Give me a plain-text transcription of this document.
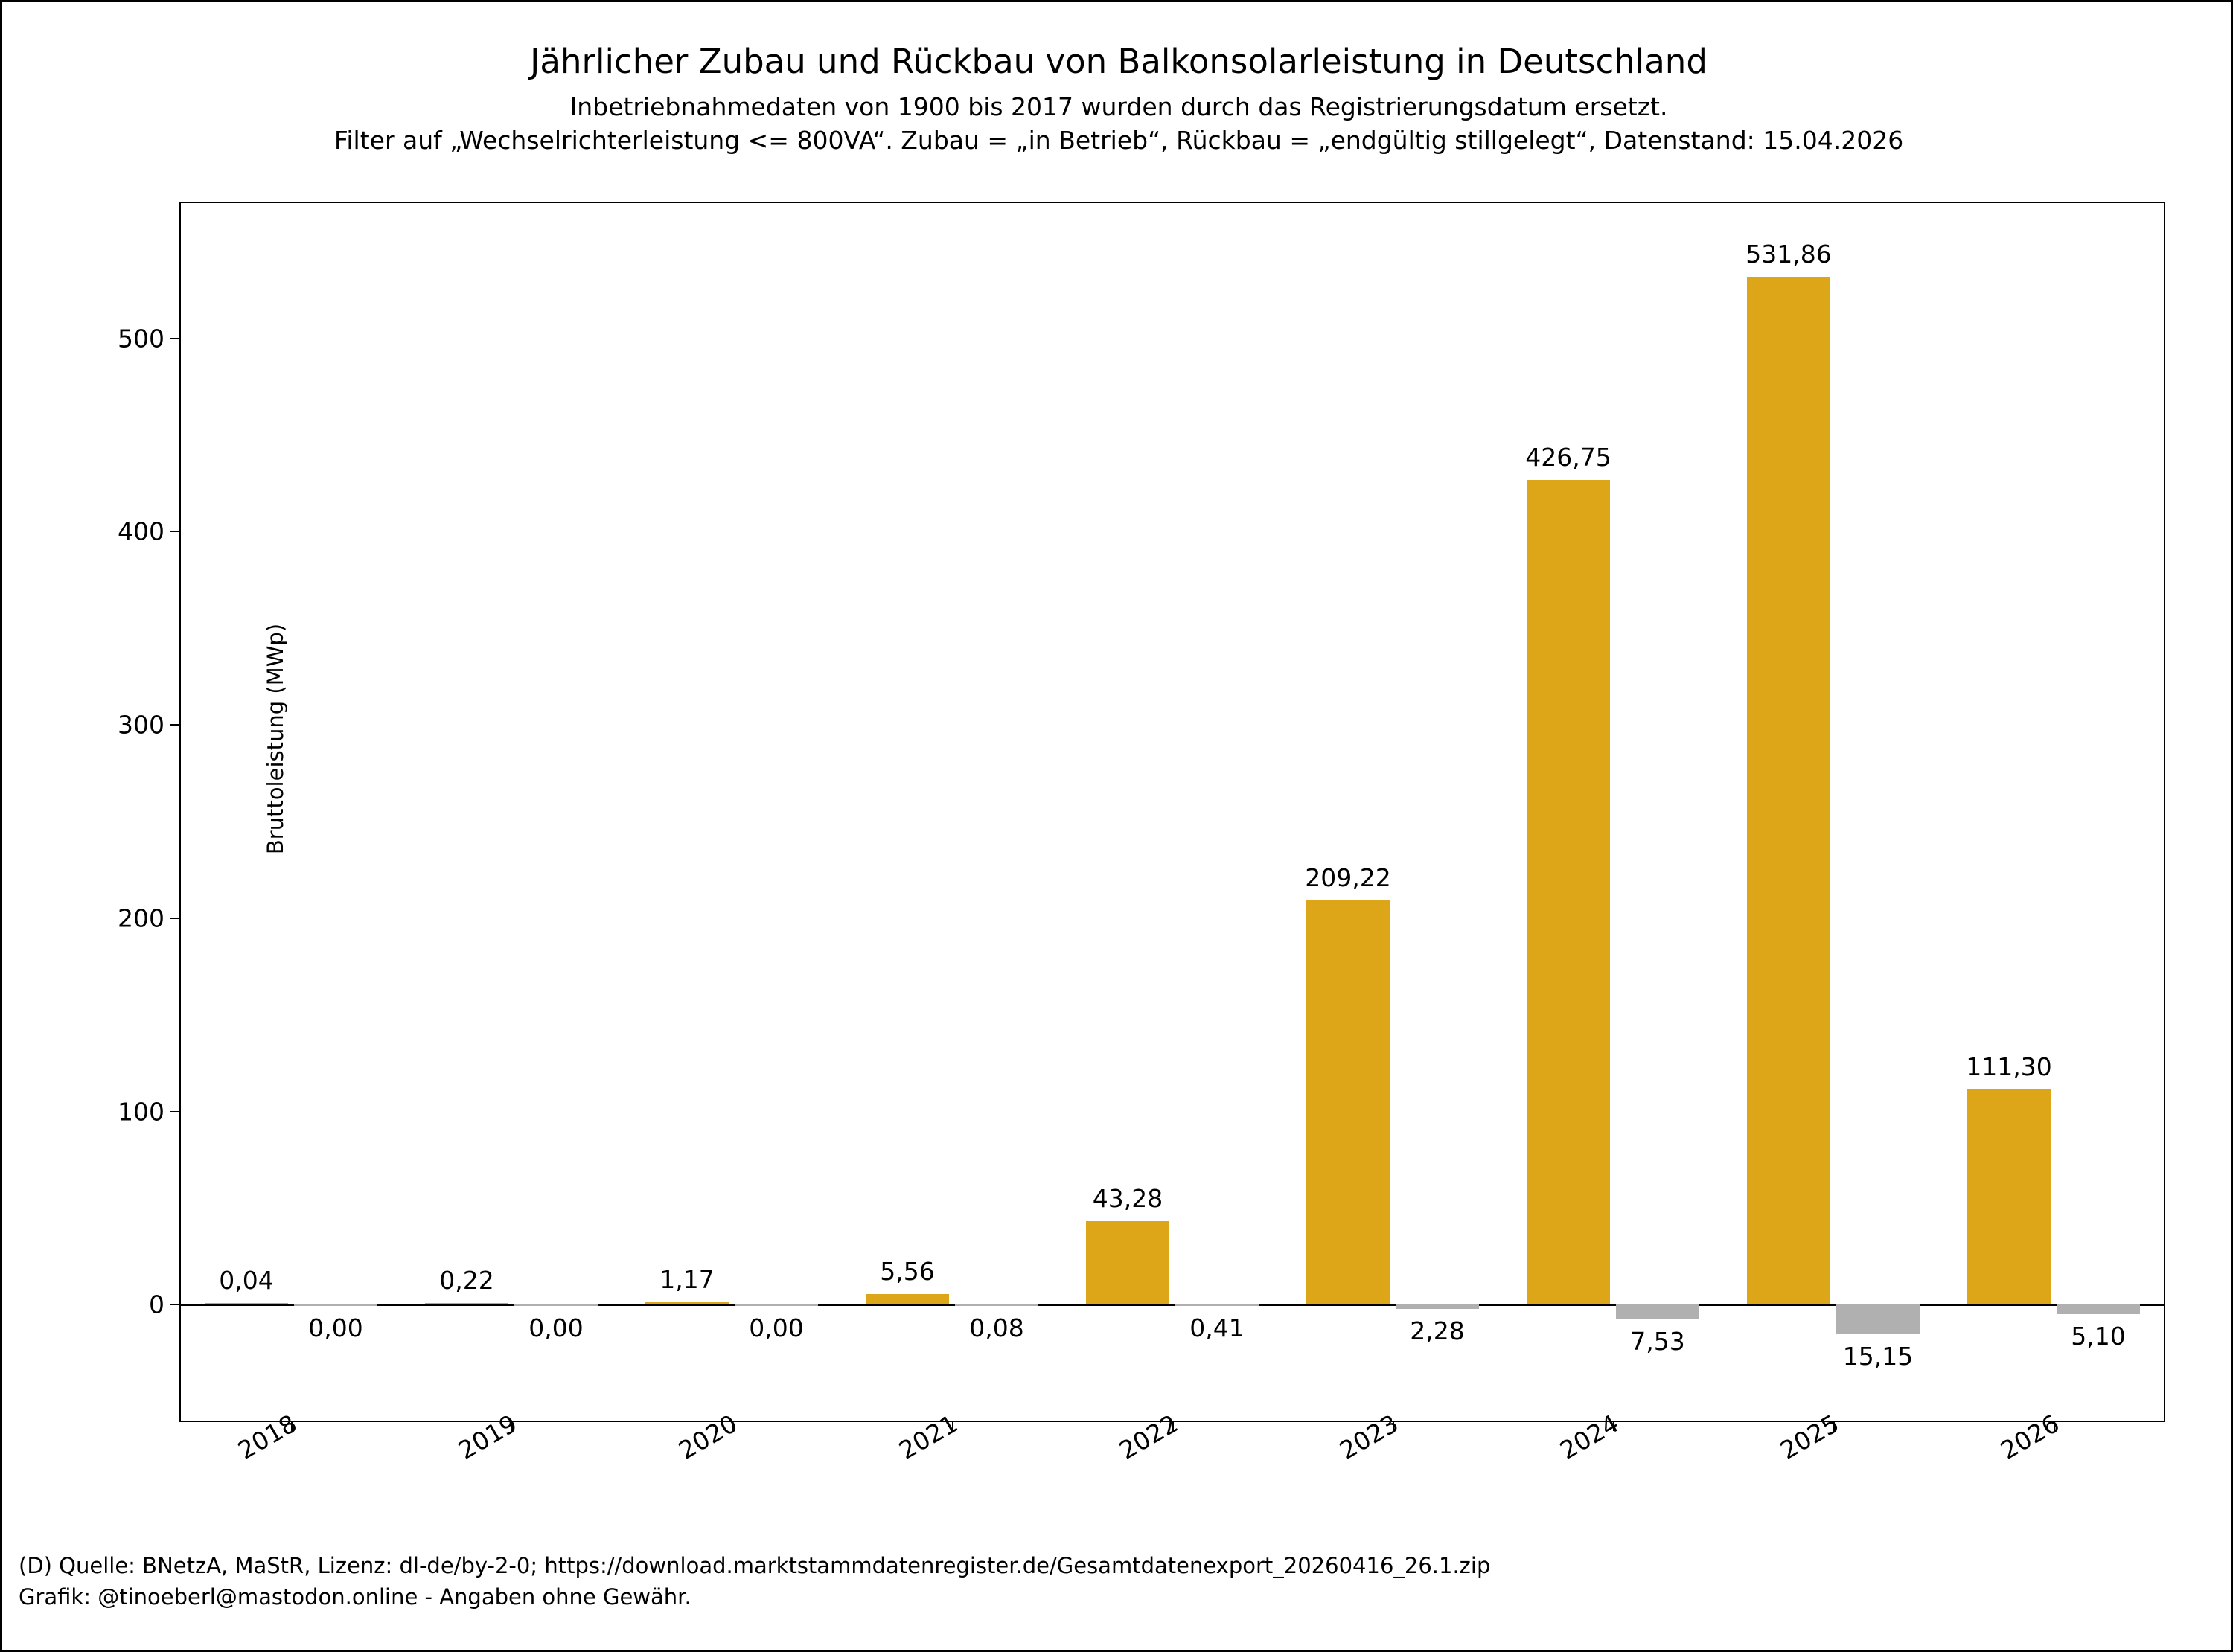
Jährlicher Zubau und Rückbau von Balkonsolarleistung in Deutschland
Inbetriebnahmedaten von 1900 bis 2017 wurden durch das Registrierungsdatum ersetzt.
Filter auf „Wechselrichterleistung <= 800VA“. Zubau = „in Betrieb“, Rückbau = „endgültig stillgelegt“, Datenstand: 15.04.2026
Bruttoleistung (MWp)
0
100
200
300
400
500
0,04
0,00
0,22
0,00
1,17
0,00
5,56
0,08
43,28
0,41
209,22
2,28
426,75
7,53
531,86
15,15
111,30
5,10
2018	2019	2020	2021	2022	2023	2024	2025	2026
(D) Quelle: BNetzA, MaStR, Lizenz: dl-de/by-2-0; https://download.marktstammdatenregister.de/Gesamtdatenexport_20260416_26.1.zip
Grafik: @tinoeberl@mastodon.online - Angaben ohne Gewähr.
